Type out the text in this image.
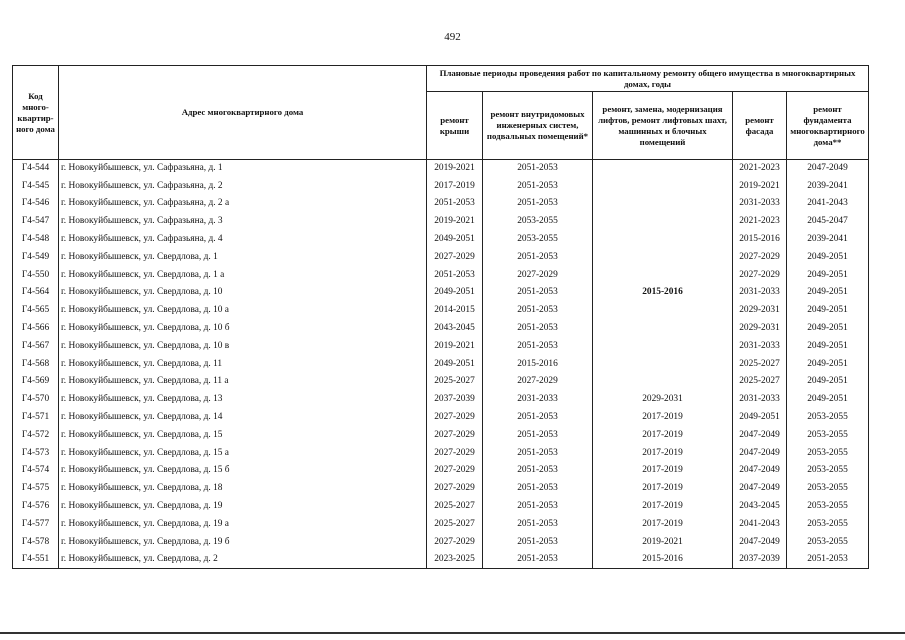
492
Код много-квартир-ного дома	Адрес многоквартирного дома	Плановые периоды проведения работ по капитальному ремонту общего имущества в многоквартирных домах, годы				
		ремонт крыши	ремонт внутридомовых инженерных систем, подвальных помещений*	ремонт, замена, модернизация лифтов, ремонт лифтовых шахт, машинных и блочных помещений	ремонт фасада	ремонт фундамента многоквартирного дома**
Г4-544	г. Новокуйбышевск, ул. Сафразьяна, д. 1	2019-2021	2051-2053		2021-2023	2047-2049
Г4-545	г. Новокуйбышевск, ул. Сафразьяна, д. 2	2017-2019	2051-2053		2019-2021	2039-2041
Г4-546	г. Новокуйбышевск, ул. Сафразьяна, д. 2 а	2051-2053	2051-2053		2031-2033	2041-2043
Г4-547	г. Новокуйбышевск, ул. Сафразьяна, д. 3	2019-2021	2053-2055		2021-2023	2045-2047
Г4-548	г. Новокуйбышевск, ул. Сафразьяна, д. 4	2049-2051	2053-2055		2015-2016	2039-2041
Г4-549	г. Новокуйбышевск, ул. Свердлова, д. 1	2027-2029	2051-2053		2027-2029	2049-2051
Г4-550	г. Новокуйбышевск, ул. Свердлова, д. 1 а	2051-2053	2027-2029		2027-2029	2049-2051
Г4-564	г. Новокуйбышевск, ул. Свердлова, д. 10	2049-2051	2051-2053	2015-2016	2031-2033	2049-2051
Г4-565	г. Новокуйбышевск, ул. Свердлова, д. 10 а	2014-2015	2051-2053		2029-2031	2049-2051
Г4-566	г. Новокуйбышевск, ул. Свердлова, д. 10 б	2043-2045	2051-2053		2029-2031	2049-2051
Г4-567	г. Новокуйбышевск, ул. Свердлова, д. 10 в	2019-2021	2051-2053		2031-2033	2049-2051
Г4-568	г. Новокуйбышевск, ул. Свердлова, д. 11	2049-2051	2015-2016		2025-2027	2049-2051
Г4-569	г. Новокуйбышевск, ул. Свердлова, д. 11 а	2025-2027	2027-2029		2025-2027	2049-2051
Г4-570	г. Новокуйбышевск, ул. Свердлова, д. 13	2037-2039	2031-2033	2029-2031	2031-2033	2049-2051
Г4-571	г. Новокуйбышевск, ул. Свердлова, д. 14	2027-2029	2051-2053	2017-2019	2049-2051	2053-2055
Г4-572	г. Новокуйбышевск, ул. Свердлова, д. 15	2027-2029	2051-2053	2017-2019	2047-2049	2053-2055
Г4-573	г. Новокуйбышевск, ул. Свердлова, д. 15 а	2027-2029	2051-2053	2017-2019	2047-2049	2053-2055
Г4-574	г. Новокуйбышевск, ул. Свердлова, д. 15 б	2027-2029	2051-2053	2017-2019	2047-2049	2053-2055
Г4-575	г. Новокуйбышевск, ул. Свердлова, д. 18	2027-2029	2051-2053	2017-2019	2047-2049	2053-2055
Г4-576	г. Новокуйбышевск, ул. Свердлова, д. 19	2025-2027	2051-2053	2017-2019	2043-2045	2053-2055
Г4-577	г. Новокуйбышевск, ул. Свердлова, д. 19 а	2025-2027	2051-2053	2017-2019	2041-2043	2053-2055
Г4-578	г. Новокуйбышевск, ул. Свердлова, д. 19 б	2027-2029	2051-2053	2019-2021	2047-2049	2053-2055
Г4-551	г. Новокуйбышевск, ул. Свердлова, д. 2	2023-2025	2051-2053	2015-2016	2037-2039	2051-2053
